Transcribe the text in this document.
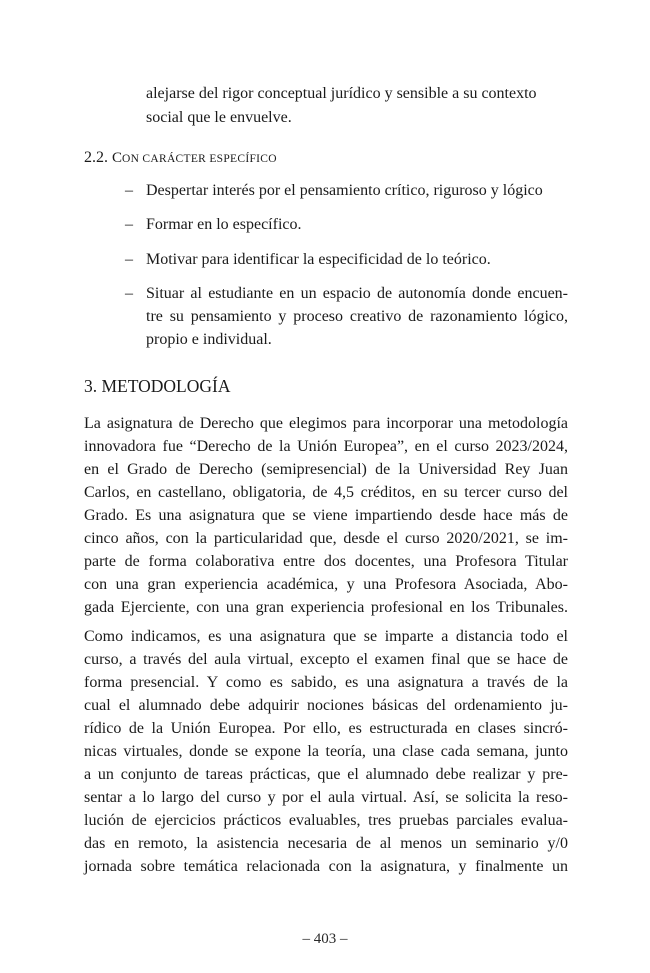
alejarse del rigor conceptual jurídico y sensible a su contexto
social que le envuelve.
2.2. CON CARÁCTER ESPECÍFICO
– Despertar interés por el pensamiento crítico, riguroso y lógico
– Formar en lo específico.
– Motivar para identificar la especificidad de lo teórico.
– Situar al estudiante en un espacio de autonomía donde encuen-
tre su pensamiento y proceso creativo de razonamiento lógico,
propio e individual.
3. METODOLOGÍA
La asignatura de Derecho que elegimos para incorporar una metodología
innovadora fue “Derecho de la Unión Europea”, en el curso 2023/2024,
en el Grado de Derecho (semipresencial) de la Universidad Rey Juan
Carlos, en castellano, obligatoria, de 4,5 créditos, en su tercer curso del
Grado. Es una asignatura que se viene impartiendo desde hace más de
cinco años, con la particularidad que, desde el curso 2020/2021, se im-
parte de forma colaborativa entre dos docentes, una Profesora Titular
con una gran experiencia académica, y una Profesora Asociada, Abo-
gada Ejerciente, con una gran experiencia profesional en los Tribunales.
Como indicamos, es una asignatura que se imparte a distancia todo el
curso, a través del aula virtual, excepto el examen final que se hace de
forma presencial. Y como es sabido, es una asignatura a través de la
cual el alumnado debe adquirir nociones básicas del ordenamiento ju-
rídico de la Unión Europea. Por ello, es estructurada en clases sincró-
nicas virtuales, donde se expone la teoría, una clase cada semana, junto
a un conjunto de tareas prácticas, que el alumnado debe realizar y pre-
sentar a lo largo del curso y por el aula virtual. Así, se solicita la reso-
lución de ejercicios prácticos evaluables, tres pruebas parciales evalua-
das en remoto, la asistencia necesaria de al menos un seminario y/0
jornada sobre temática relacionada con la asignatura, y finalmente un
– 403 –
